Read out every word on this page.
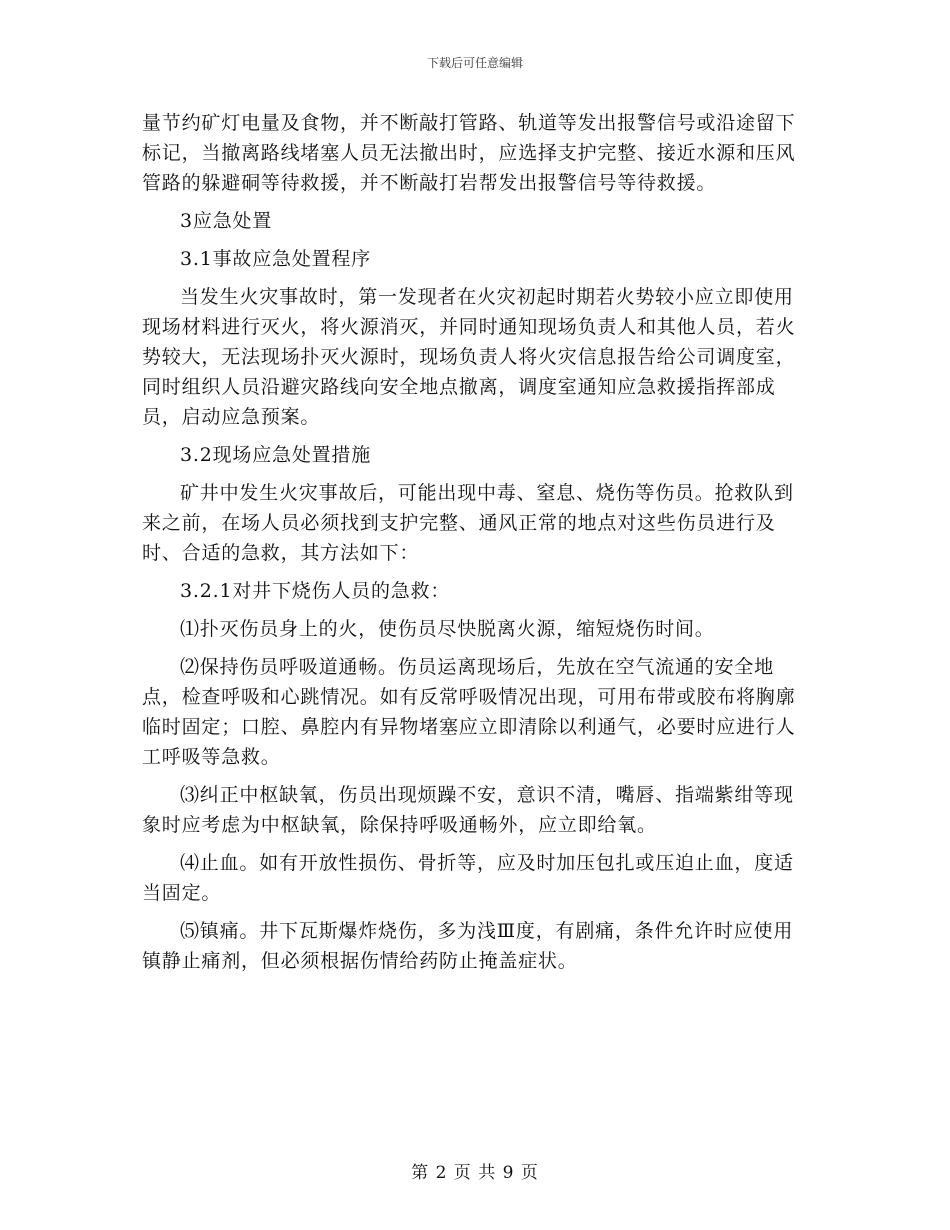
下载后可任意编辑

量节约矿灯电量及食物，并不断敲打管路、轨道等发出报警信号或沿途留下标记，当撤离路线堵塞人员无法撤出时，应选择支护完整、接近水源和压风管路的躲避硐等待救援，并不断敲打岩帮发出报警信号等待救援。

3应急处置

3.1事故应急处置程序

当发生火灾事故时，第一发现者在火灾初起时期若火势较小应立即使用现场材料进行灭火，将火源消灭，并同时通知现场负责人和其他人员，若火势较大，无法现场扑灭火源时，现场负责人将火灾信息报告给公司调度室，同时组织人员沿避灾路线向安全地点撤离，调度室通知应急救援指挥部成员，启动应急预案。

3.2现场应急处置措施

矿井中发生火灾事故后，可能出现中毒、窒息、烧伤等伤员。抢救队到来之前，在场人员必须找到支护完整、通风正常的地点对这些伤员进行及时、合适的急救，其方法如下：

3.2.1对井下烧伤人员的急救：

⑴扑灭伤员身上的火，使伤员尽快脱离火源，缩短烧伤时间。

⑵保持伤员呼吸道通畅。伤员运离现场后，先放在空气流通的安全地点，检查呼吸和心跳情况。如有反常呼吸情况出现，可用布带或胶布将胸廓临时固定；口腔、鼻腔内有异物堵塞应立即清除以利通气，必要时应进行人工呼吸等急救。

⑶纠正中枢缺氧，伤员出现烦躁不安，意识不清，嘴唇、指端紫绀等现象时应考虑为中枢缺氧，除保持呼吸通畅外，应立即给氧。

⑷止血。如有开放性损伤、骨折等，应及时加压包扎或压迫止血，度适当固定。

⑸镇痛。井下瓦斯爆炸烧伤，多为浅Ⅲ度，有剧痛，条件允许时应使用镇静止痛剂，但必须根据伤情给药防止掩盖症状。

第 2 页 共 9 页
